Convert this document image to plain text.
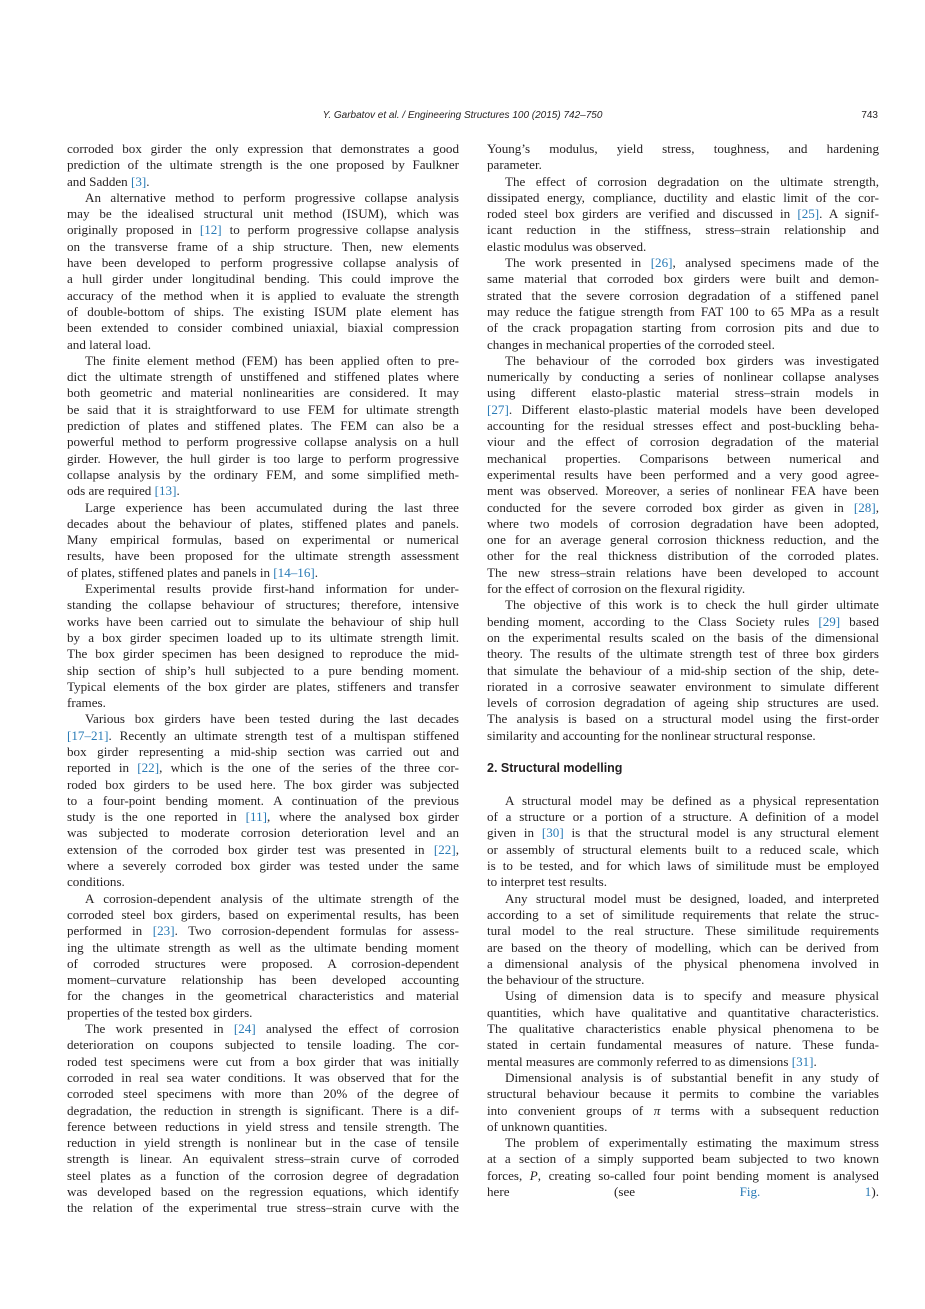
Y. Garbatov et al. / Engineering Structures 100 (2015) 742–750	743
corroded box girder the only expression that demonstrates a good
prediction of the ultimate strength is the one proposed by Faulkner
and Sadden [3].
An alternative method to perform progressive collapse analysis
may be the idealised structural unit method (ISUM), which was
originally proposed in [12] to perform progressive collapse analysis
on the transverse frame of a ship structure. Then, new elements
have been developed to perform progressive collapse analysis of
a hull girder under longitudinal bending. This could improve the
accuracy of the method when it is applied to evaluate the strength
of double-bottom of ships. The existing ISUM plate element has
been extended to consider combined uniaxial, biaxial compression
and lateral load.
The finite element method (FEM) has been applied often to pre-
dict the ultimate strength of unstiffened and stiffened plates where
both geometric and material nonlinearities are considered. It may
be said that it is straightforward to use FEM for ultimate strength
prediction of plates and stiffened plates. The FEM can also be a
powerful method to perform progressive collapse analysis on a hull
girder. However, the hull girder is too large to perform progressive
collapse analysis by the ordinary FEM, and some simplified meth-
ods are required [13].
Large experience has been accumulated during the last three
decades about the behaviour of plates, stiffened plates and panels.
Many empirical formulas, based on experimental or numerical
results, have been proposed for the ultimate strength assessment
of plates, stiffened plates and panels in [14–16].
Experimental results provide first-hand information for under-
standing the collapse behaviour of structures; therefore, intensive
works have been carried out to simulate the behaviour of ship hull
by a box girder specimen loaded up to its ultimate strength limit.
The box girder specimen has been designed to reproduce the mid-
ship section of ship’s hull subjected to a pure bending moment.
Typical elements of the box girder are plates, stiffeners and transfer
frames.
Various box girders have been tested during the last decades
[17–21]. Recently an ultimate strength test of a multispan stiffened
box girder representing a mid-ship section was carried out and
reported in [22], which is the one of the series of the three cor-
roded box girders to be used here. The box girder was subjected
to a four-point bending moment. A continuation of the previous
study is the one reported in [11], where the analysed box girder
was subjected to moderate corrosion deterioration level and an
extension of the corroded box girder test was presented in [22],
where a severely corroded box girder was tested under the same
conditions.
A corrosion-dependent analysis of the ultimate strength of the
corroded steel box girders, based on experimental results, has been
performed in [23]. Two corrosion-dependent formulas for assess-
ing the ultimate strength as well as the ultimate bending moment
of corroded structures were proposed. A corrosion-dependent
moment–curvature relationship has been developed accounting
for the changes in the geometrical characteristics and material
properties of the tested box girders.
The work presented in [24] analysed the effect of corrosion
deterioration on coupons subjected to tensile loading. The cor-
roded test specimens were cut from a box girder that was initially
corroded in real sea water conditions. It was observed that for the
corroded steel specimens with more than 20% of the degree of
degradation, the reduction in strength is significant. There is a dif-
ference between reductions in yield stress and tensile strength. The
reduction in yield strength is nonlinear but in the case of tensile
strength is linear. An equivalent stress–strain curve of corroded
steel plates as a function of the corrosion degree of degradation
was developed based on the regression equations, which identify
the relation of the experimental true stress–strain curve with the
Young’s modulus, yield stress, toughness, and hardening
parameter.
The effect of corrosion degradation on the ultimate strength,
dissipated energy, compliance, ductility and elastic limit of the cor-
roded steel box girders are verified and discussed in [25]. A signif-
icant reduction in the stiffness, stress–strain relationship and
elastic modulus was observed.
The work presented in [26], analysed specimens made of the
same material that corroded box girders were built and demon-
strated that the severe corrosion degradation of a stiffened panel
may reduce the fatigue strength from FAT 100 to 65 MPa as a result
of the crack propagation starting from corrosion pits and due to
changes in mechanical properties of the corroded steel.
The behaviour of the corroded box girders was investigated
numerically by conducting a series of nonlinear collapse analyses
using different elasto-plastic material stress–strain models in
[27]. Different elasto-plastic material models have been developed
accounting for the residual stresses effect and post-buckling beha-
viour and the effect of corrosion degradation of the material
mechanical properties. Comparisons between numerical and
experimental results have been performed and a very good agree-
ment was observed. Moreover, a series of nonlinear FEA have been
conducted for the severe corroded box girder as given in [28],
where two models of corrosion degradation have been adopted,
one for an average general corrosion thickness reduction, and the
other for the real thickness distribution of the corroded plates.
The new stress–strain relations have been developed to account
for the effect of corrosion on the flexural rigidity.
The objective of this work is to check the hull girder ultimate
bending moment, according to the Class Society rules [29] based
on the experimental results scaled on the basis of the dimensional
theory. The results of the ultimate strength test of three box girders
that simulate the behaviour of a mid-ship section of the ship, dete-
riorated in a corrosive seawater environment to simulate different
levels of corrosion degradation of ageing ship structures are used.
The analysis is based on a structural model using the first-order
similarity and accounting for the nonlinear structural response.
2. Structural modelling
A structural model may be defined as a physical representation
of a structure or a portion of a structure. A definition of a model
given in [30] is that the structural model is any structural element
or assembly of structural elements built to a reduced scale, which
is to be tested, and for which laws of similitude must be employed
to interpret test results.
Any structural model must be designed, loaded, and interpreted
according to a set of similitude requirements that relate the struc-
tural model to the real structure. These similitude requirements
are based on the theory of modelling, which can be derived from
a dimensional analysis of the physical phenomena involved in
the behaviour of the structure.
Using of dimension data is to specify and measure physical
quantities, which have qualitative and quantitative characteristics.
The qualitative characteristics enable physical phenomena to be
stated in certain fundamental measures of nature. These funda-
mental measures are commonly referred to as dimensions [31].
Dimensional analysis is of substantial benefit in any study of
structural behaviour because it permits to combine the variables
into convenient groups of π terms with a subsequent reduction
of unknown quantities.
The problem of experimentally estimating the maximum stress
at a section of a simply supported beam subjected to two known
forces, P, creating so-called four point bending moment is analysed
here (see Fig. 1).
